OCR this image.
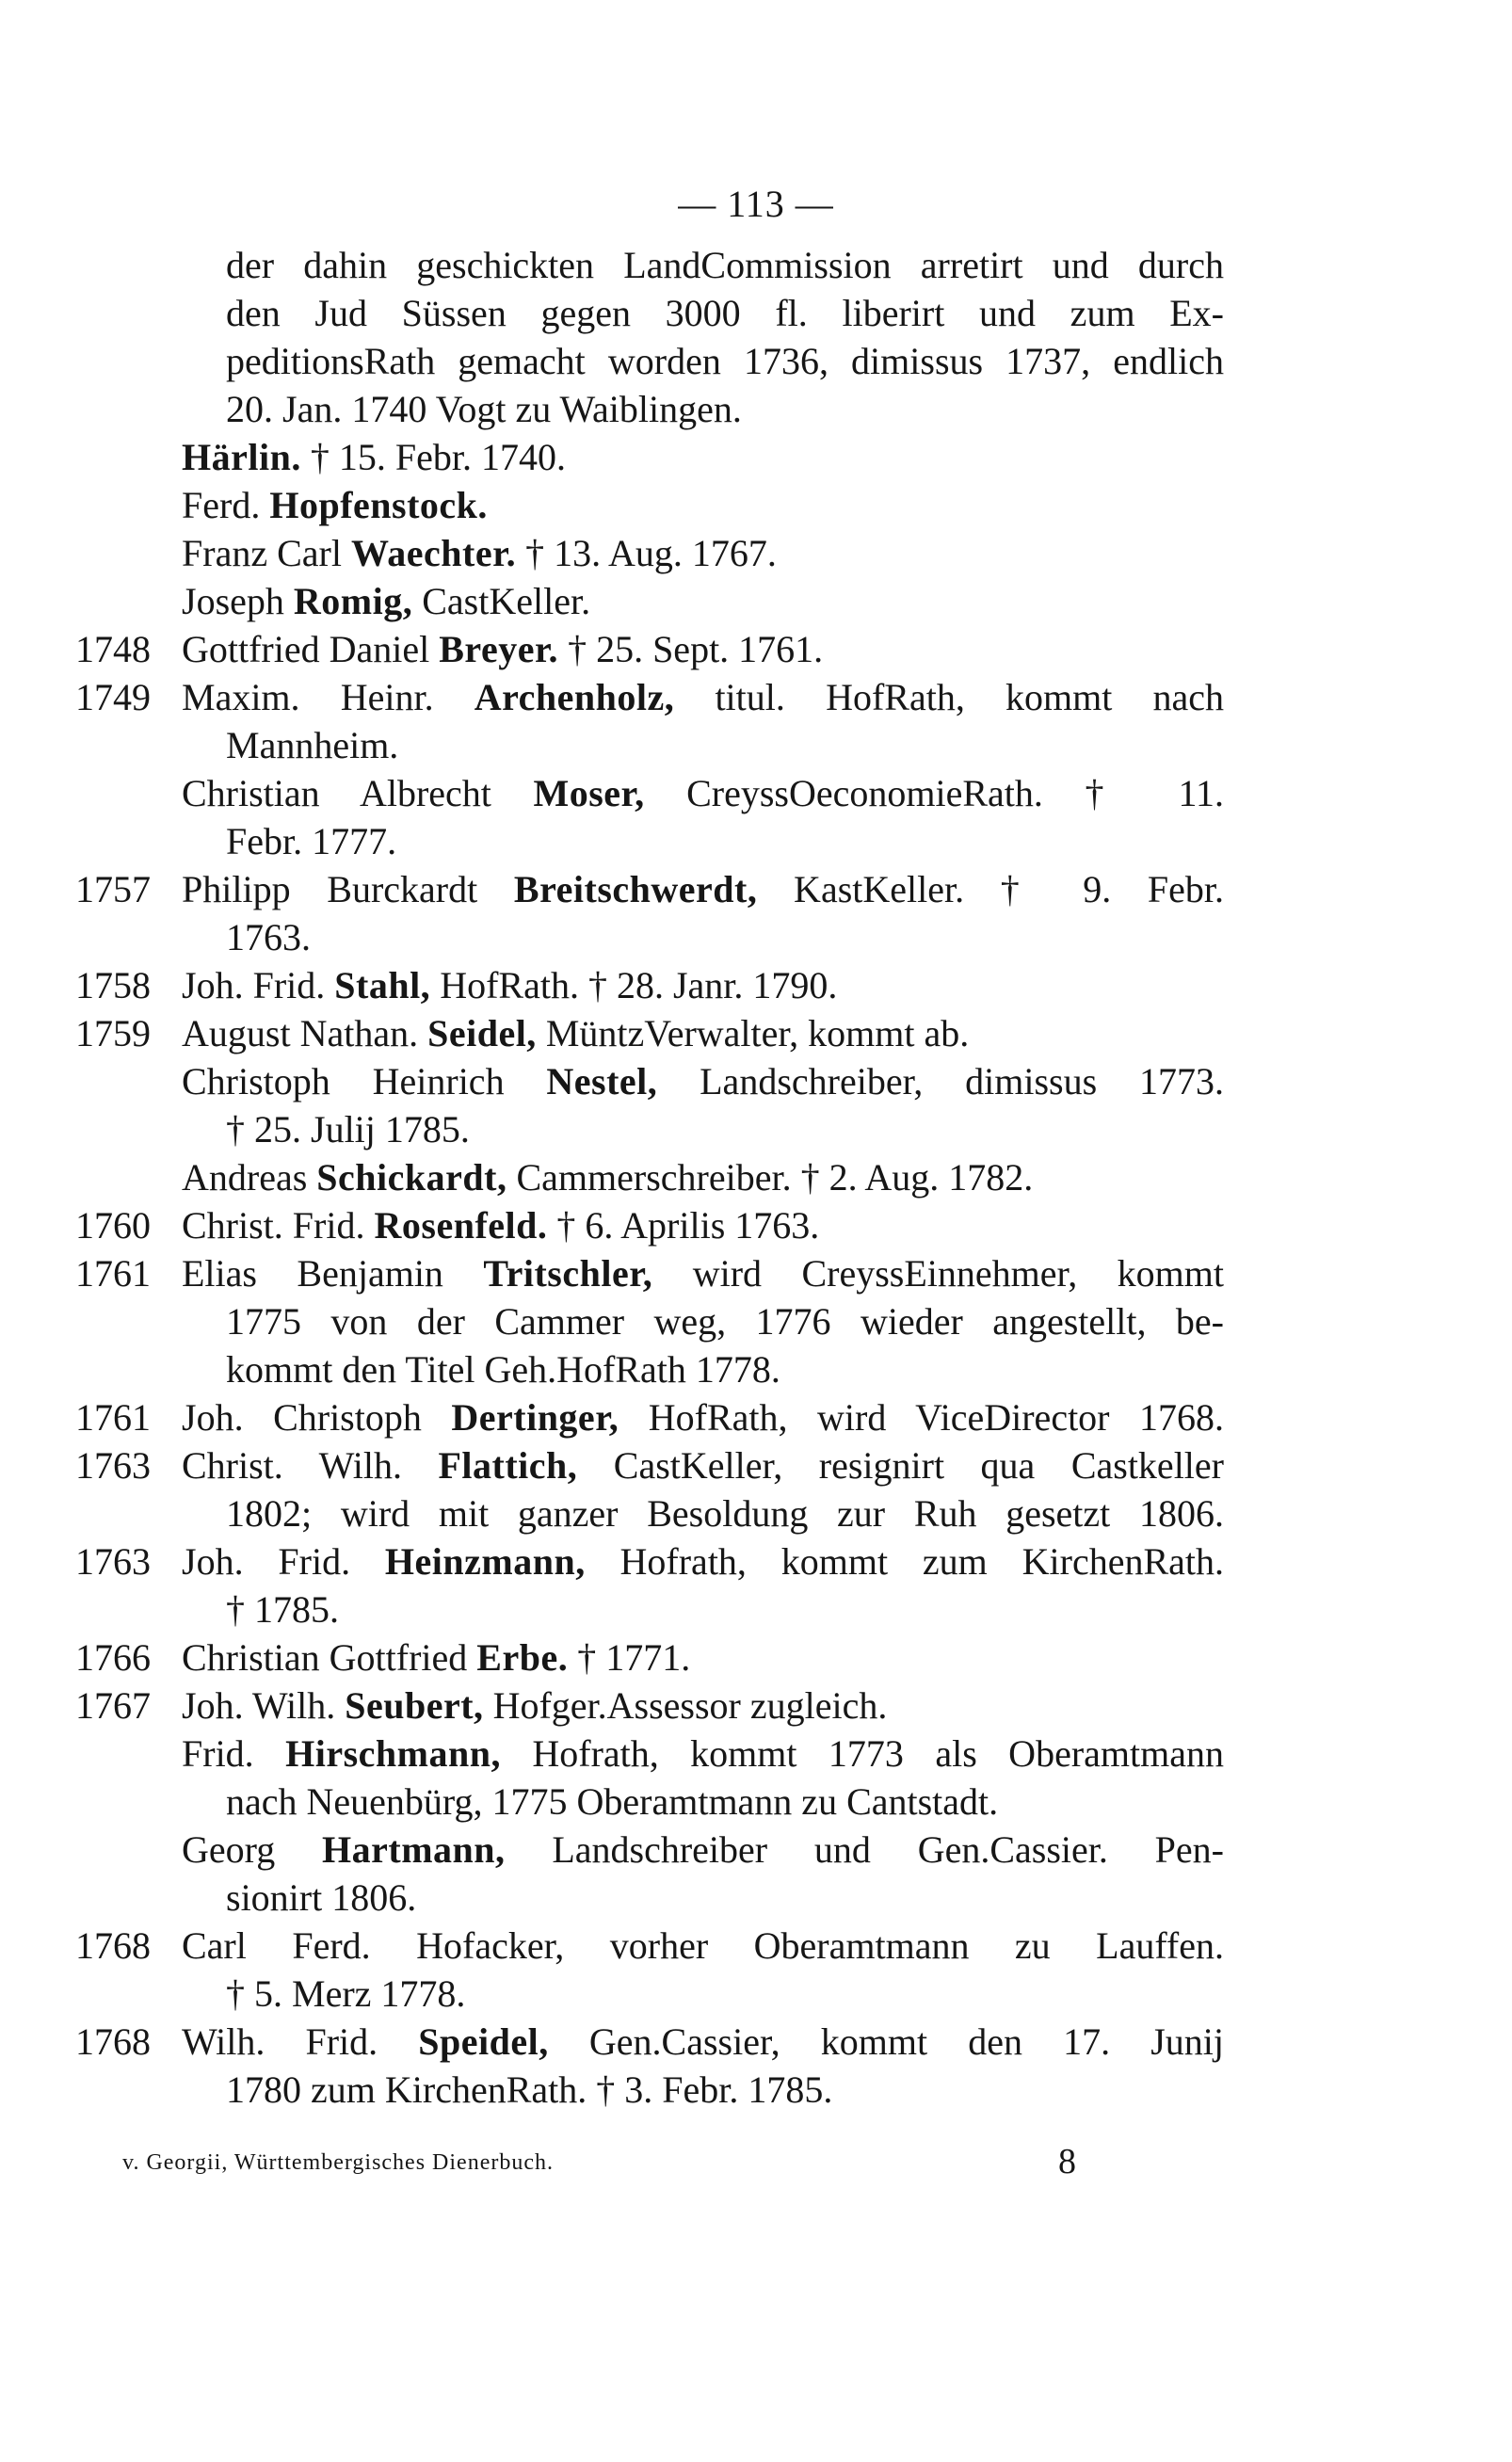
— 113 —
der dahin geschickten LandCommission arretirt und durch
den Jud Süssen gegen 3000 fl. liberirt und zum Ex-
peditionsRath gemacht worden 1736, dimissus 1737, endlich
20. Jan. 1740 Vogt zu Waiblingen.
Härlin. † 15. Febr. 1740.
Ferd. Hopfenstock.
Franz Carl Waechter. † 13. Aug. 1767.
Joseph Romig, CastKeller.
1748 Gottfried Daniel Breyer. † 25. Sept. 1761.
1749 Maxim. Heinr. Archenholz, titul. HofRath, kommt nach
Mannheim.
Christian Albrecht Moser, CreyssOeconomieRath. † 11.
Febr. 1777.
1757 Philipp Burckardt Breitschwerdt, KastKeller. † 9. Febr.
1763.
1758 Joh. Frid. Stahl, HofRath. † 28. Janr. 1790.
1759 August Nathan. Seidel, MüntzVerwalter, kommt ab.
Christoph Heinrich Nestel, Landschreiber, dimissus 1773.
† 25. Julij 1785.
Andreas Schickardt, Cammerschreiber. † 2. Aug. 1782.
1760 Christ. Frid. Rosenfeld. † 6. Aprilis 1763.
1761 Elias Benjamin Tritschler, wird CreyssEinnehmer, kommt
1775 von der Cammer weg, 1776 wieder angestellt, be-
kommt den Titel Geh.HofRath 1778.
1761 Joh. Christoph Dertinger, HofRath, wird ViceDirector 1768.
1763 Christ. Wilh. Flattich, CastKeller, resignirt qua Castkeller
1802; wird mit ganzer Besoldung zur Ruh gesetzt 1806.
1763 Joh. Frid. Heinzmann, Hofrath, kommt zum KirchenRath.
† 1785.
1766 Christian Gottfried Erbe. † 1771.
1767 Joh. Wilh. Seubert, Hofger.Assessor zugleich.
Frid. Hirschmann, Hofrath, kommt 1773 als Oberamtmann
nach Neuenbürg, 1775 Oberamtmann zu Cantstadt.
Georg Hartmann, Landschreiber und Gen.Cassier. Pen-
sionirt 1806.
1768 Carl Ferd. Hofacker, vorher Oberamtmann zu Lauffen.
† 5. Merz 1778.
1768 Wilh. Frid. Speidel, Gen.Cassier, kommt den 17. Junij
1780 zum KirchenRath. † 3. Febr. 1785.
v. Georgii, Württembergisches Dienerbuch.	8
